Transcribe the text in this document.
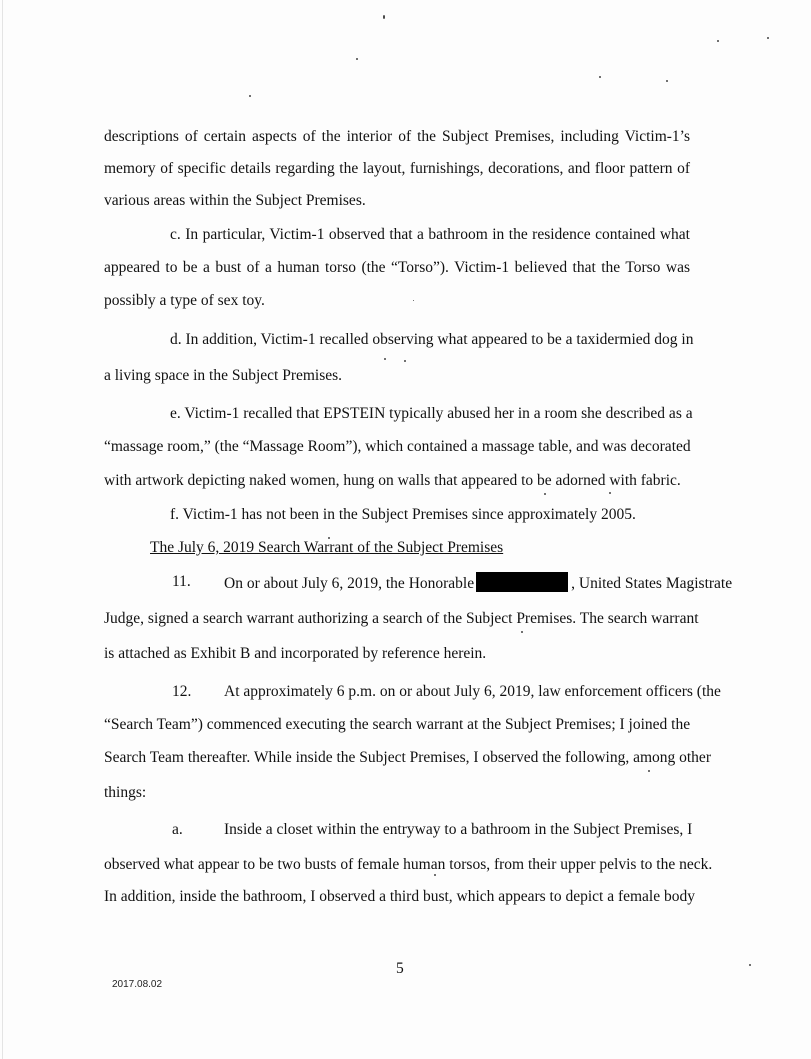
descriptions of certain aspects of the interior of the Subject Premises, including Victim-1’s
memory of specific details regarding the layout, furnishings, decorations, and floor pattern of
various areas within the Subject Premises.
c. In particular, Victim-1 observed that a bathroom in the residence contained what
appeared to be a bust of a human torso (the “Torso”). Victim-1 believed that the Torso was
possibly a type of sex toy.
d. In addition, Victim-1 recalled observing what appeared to be a taxidermied dog in
a living space in the Subject Premises.
e. Victim-1 recalled that EPSTEIN typically abused her in a room she described as a
“massage room,” (the “Massage Room”), which contained a massage table, and was decorated
with artwork depicting naked women, hung on walls that appeared to be adorned with fabric.
f. Victim-1 has not been in the Subject Premises since approximately 2005.
The July 6, 2019 Search Warrant of the Subject Premises
11. On or about July 6, 2019, the Honorable	, United States Magistrate
Judge, signed a search warrant authorizing a search of the Subject Premises. The search warrant
is attached as Exhibit B and incorporated by reference herein.
12. At approximately 6 p.m. on or about July 6, 2019, law enforcement officers (the
“Search Team”) commenced executing the search warrant at the Subject Premises; I joined the
Search Team thereafter. While inside the Subject Premises, I observed the following, among other
things:
a.	Inside a closet within the entryway to a bathroom in the Subject Premises, I
observed what appear to be two busts of female human torsos, from their upper pelvis to the neck.
In addition, inside the bathroom, I observed a third bust, which appears to depict a female body
5
2017.08.02
